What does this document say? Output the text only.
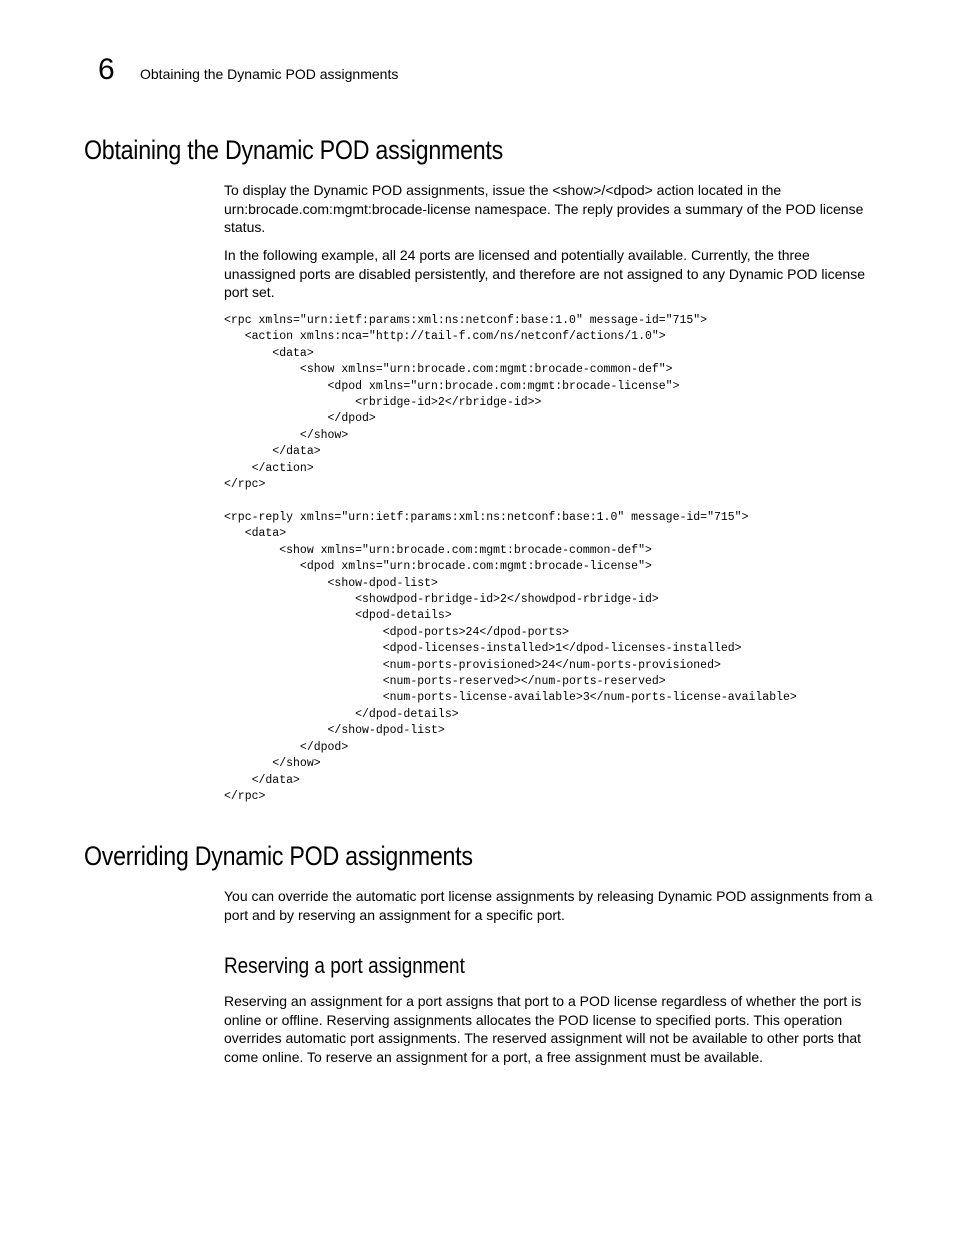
6 Obtaining the Dynamic POD assignments
Obtaining the Dynamic POD assignments

To display the Dynamic POD assignments, issue the <show>/<dpod> action located in the urn:brocade.com:mgmt:brocade-license namespace. The reply provides a summary of the POD license status.

In the following example, all 24 ports are licensed and potentially available. Currently, the three unassigned ports are disabled persistently, and therefore are not assigned to any Dynamic POD license port set.

<rpc xmlns="urn:ietf:params:xml:ns:netconf:base:1.0" message-id="715">
<action xmlns:nca="http://tail-f.com/ns/netconf/actions/1.0">
<data>
<show xmlns="urn:brocade.com:mgmt:brocade-common-def">
<dpod xmlns="urn:brocade.com:mgmt:brocade-license">
<rbridge-id>2</rbridge-id>>
</dpod>
</show>
</data>
</action>
</rpc>
<rpc-reply xmlns="urn:ietf:params:xml:ns:netconf:base:1.0" message-id="715">
<data>
<show xmlns="urn:brocade.com:mgmt:brocade-common-def">
<dpod xmlns="urn:brocade.com:mgmt:brocade-license">
<show-dpod-list>
<showdpod-rbridge-id>2</showdpod-rbridge-id>
<dpod-details>
<dpod-ports>24</dpod-ports>
<dpod-licenses-installed>1</dpod-licenses-installed>
<num-ports-provisioned>24</num-ports-provisioned>
<num-ports-reserved></num-ports-reserved>
<num-ports-license-available>3</num-ports-license-available>
</dpod-details>
</show-dpod-list>
</dpod>
</show>
</data>
</rpc>
Overriding Dynamic POD assignments

You can override the automatic port license assignments by releasing Dynamic POD assignments from a port and by reserving an assignment for a specific port.

Reserving a port assignment

Reserving an assignment for a port assigns that port to a POD license regardless of whether the port is online or offline. Reserving assignments allocates the POD license to specified ports. This operation overrides automatic port assignments. The reserved assignment will not be available to other ports that come online. To reserve an assignment for a port, a free assignment must be available.
